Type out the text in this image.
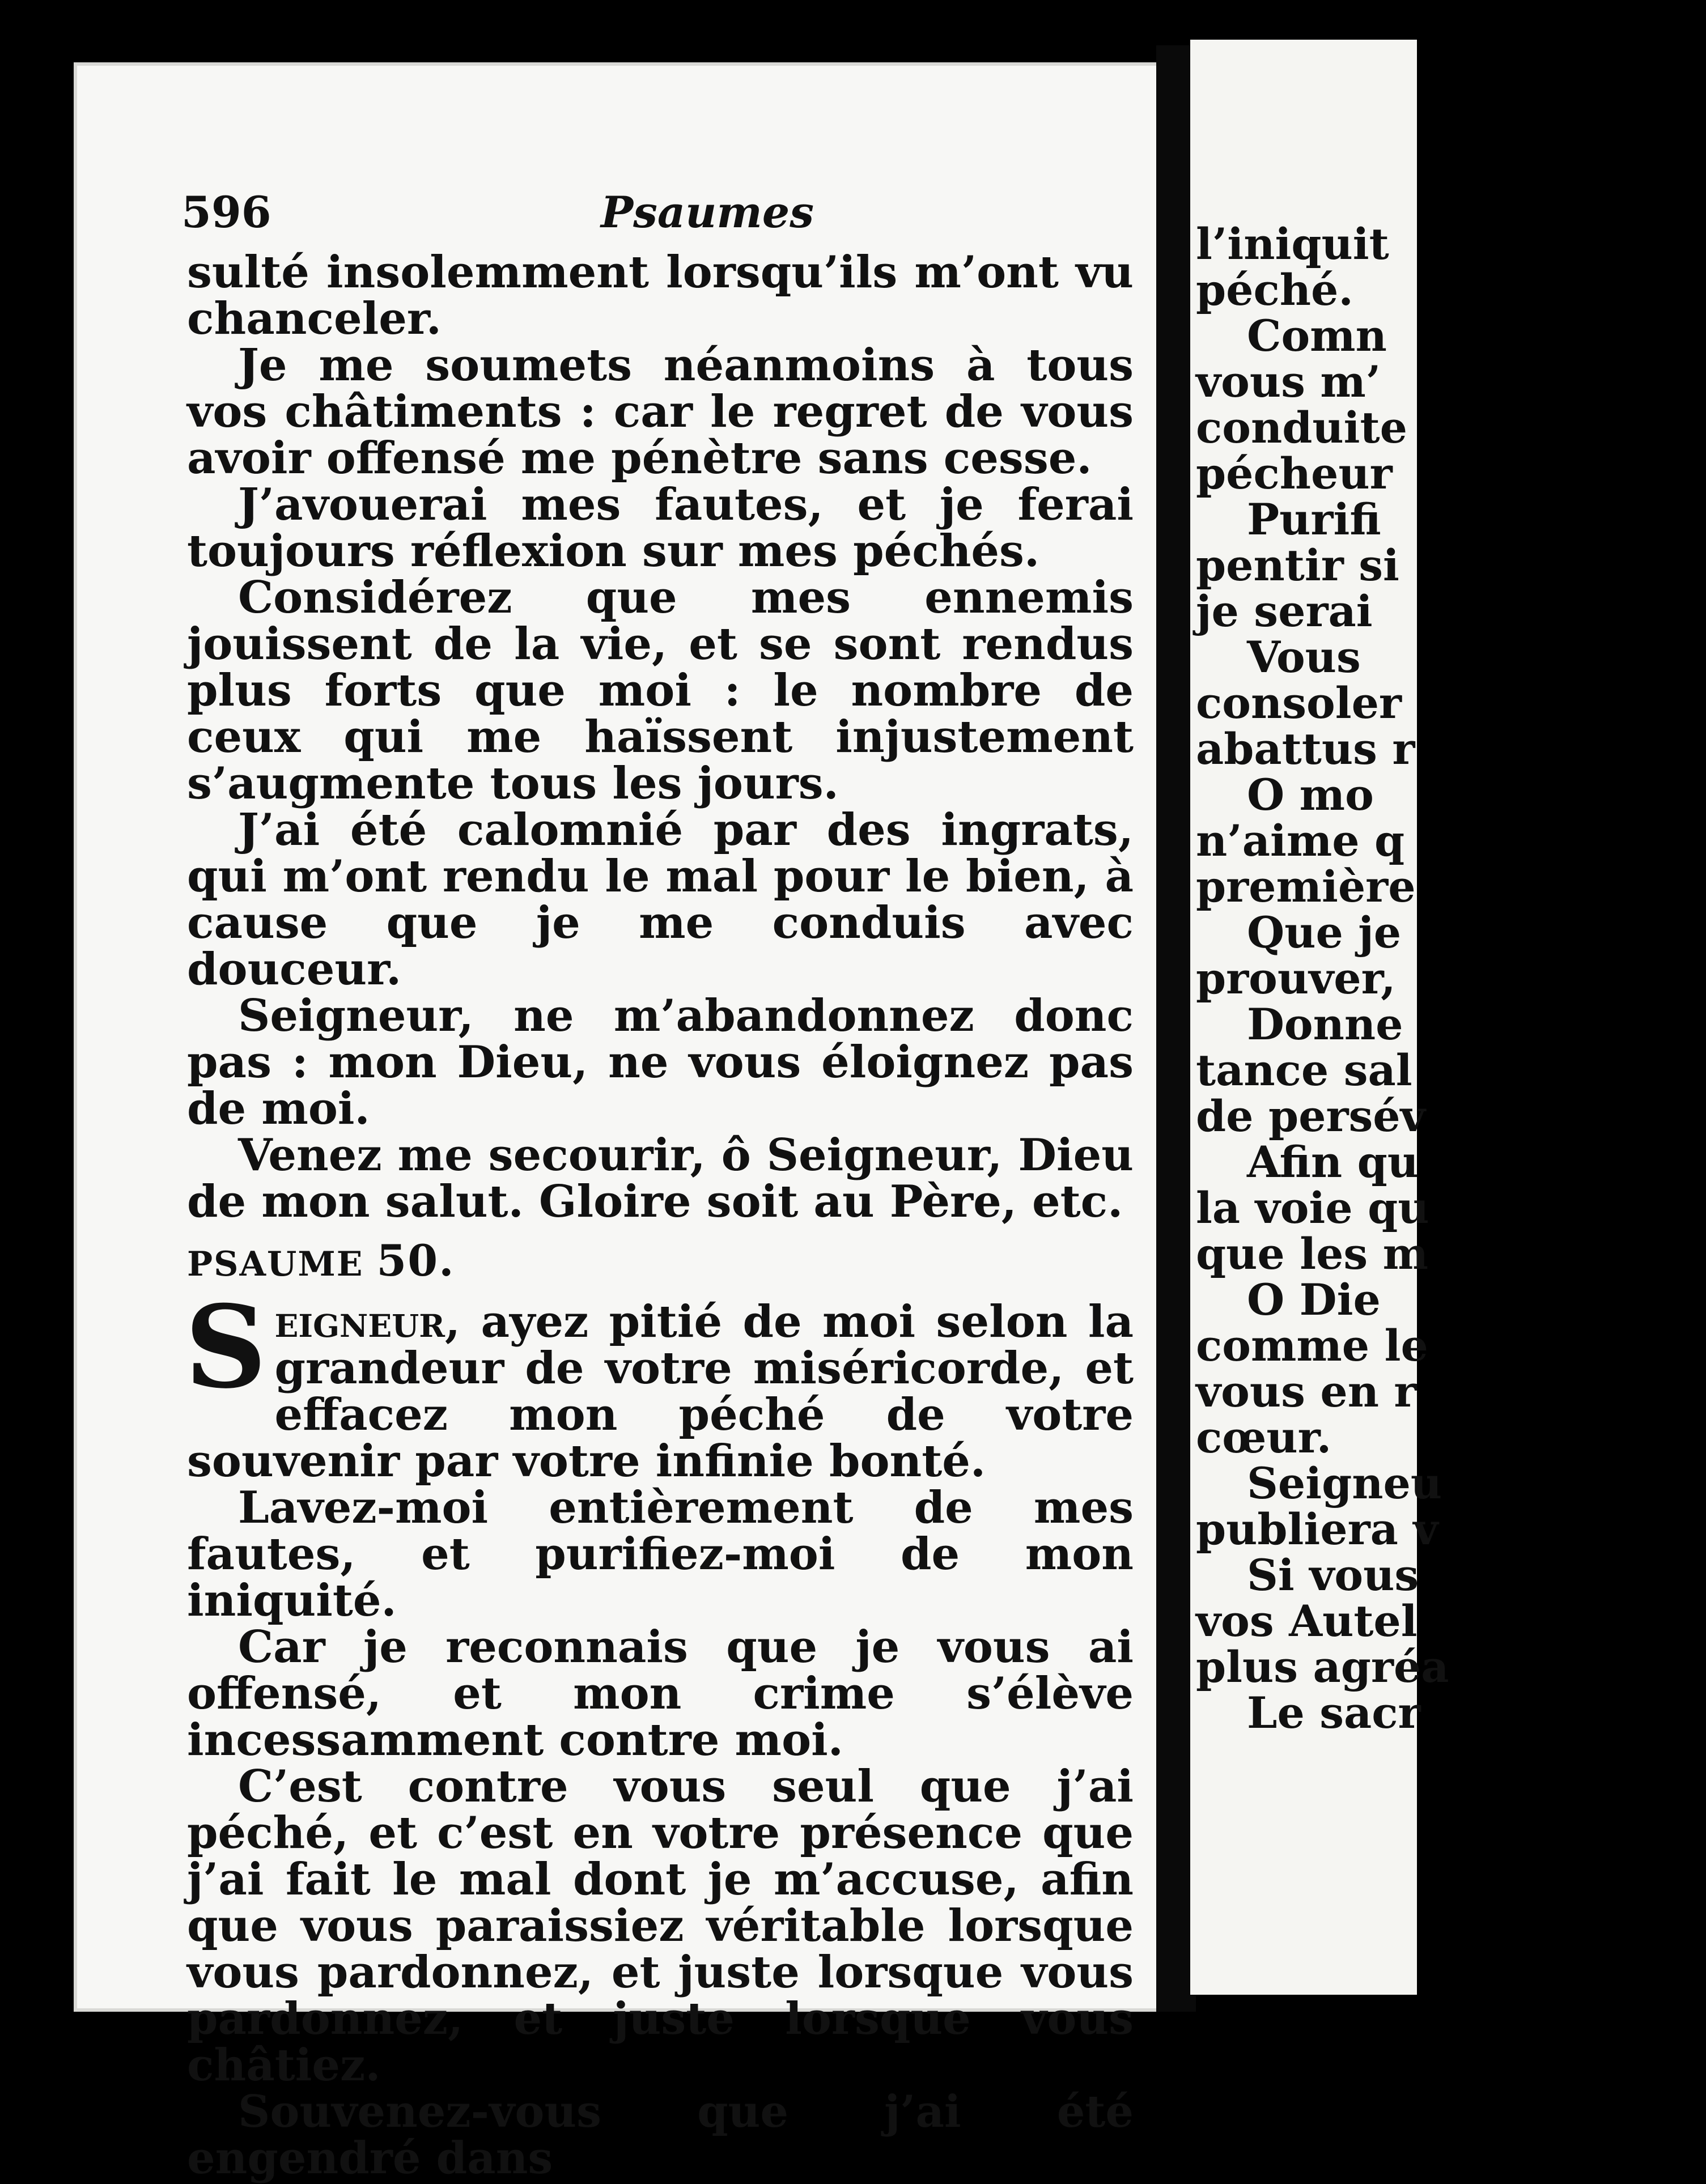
l’iniquit
péché.
Comn
vous m’
conduite
pécheur
Purifi
pentir si
je serai
Vous
consoler
abattus r
O mo
n’aime q
première
Que je
prouver,
Donne
tance sal
de persév
Afin qu
la voie qu
que les m
O Die
comme le
vous en r
cœur.
Seigneu
publiera v
Si vous
vos Autel
plus agréa
Le sacr
596	Psaumes

sulté insolemment lorsqu’ils m’ont vu chanceler.

Je me soumets néanmoins à tous vos châtiments : car le regret de vous avoir offensé me pénètre sans cesse.

J’avouerai mes fautes, et je ferai toujours réflexion sur mes péchés.

Considérez que mes ennemis jouissent de la vie, et se sont rendus plus forts que moi : le nombre de ceux qui me haïssent injustement s’augmente tous les jours.

J’ai été calomnié par des ingrats, qui m’ont rendu le mal pour le bien, à cause que je me conduis avec douceur.

Seigneur, ne m’abandonnez donc pas : mon Dieu, ne vous éloignez pas de moi.

Venez me secourir, ô Seigneur, Dieu de mon salut. Gloire soit au Père, etc.

PSAUME 50.

Seigneur, ayez pitié de moi selon la grandeur de votre miséricorde, et effacez mon péché de votre souvenir par votre infinie bonté.

Lavez-moi entièrement de mes fautes, et purifiez-moi de mon iniquité.

Car je reconnais que je vous ai offensé, et mon crime s’élève incessamment contre moi.

C’est contre vous seul que j’ai péché, et c’est en votre présence que j’ai fait le mal dont je m’accuse, afin que vous paraissiez véritable lorsque vous pardonnez, et juste lorsque vous pardonnez, et juste lorsque vous châtiez.

Souvenez-vous que j’ai été engendré dans
